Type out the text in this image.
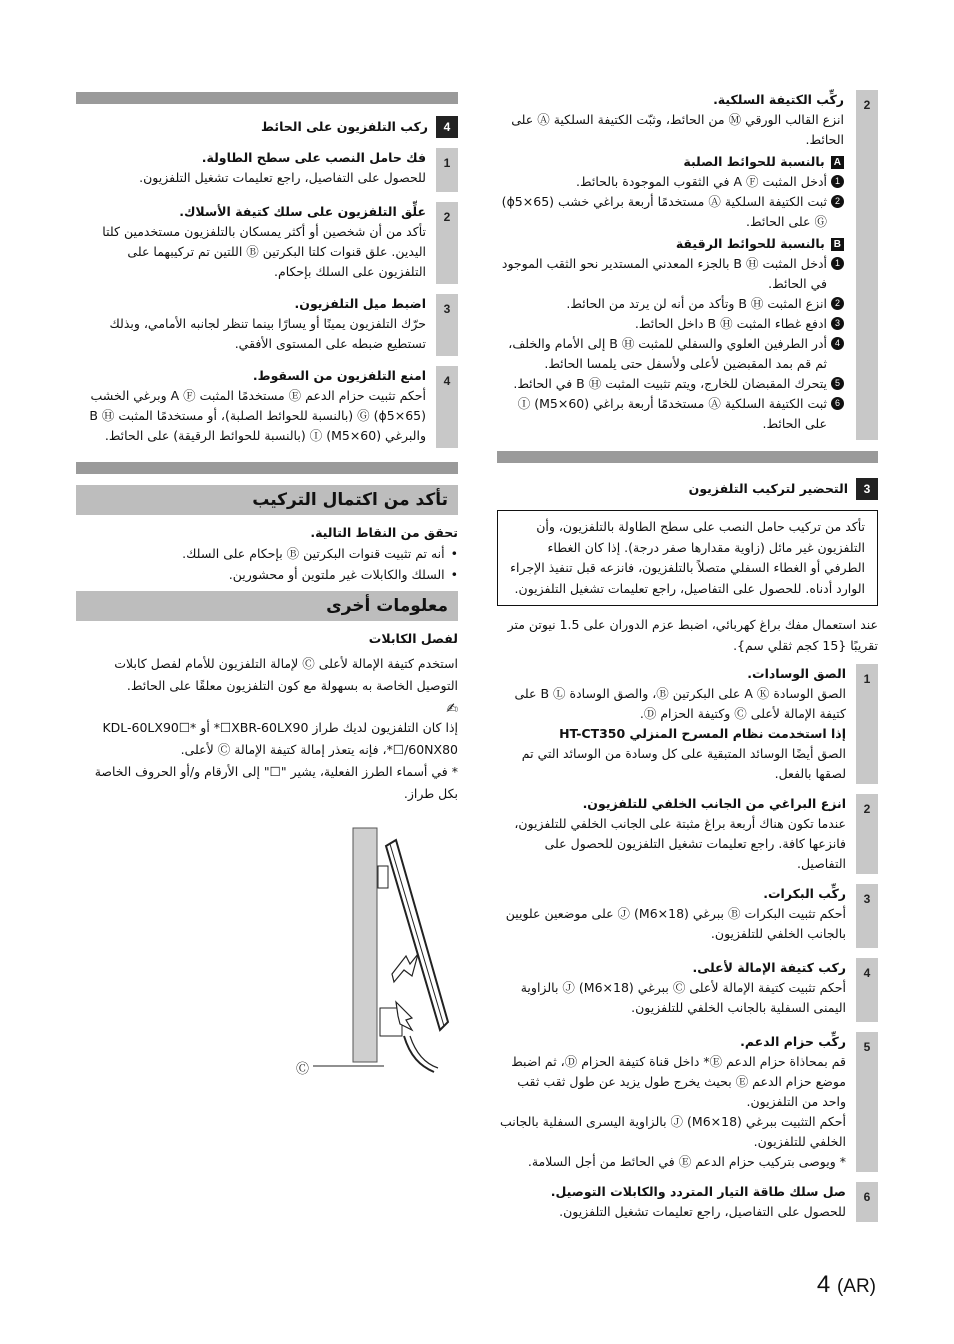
2
ركِّب الكتيفة السلكية.
انزع القالب الورقي Ⓜ من الحائط، وثبّت الكتيفة السلكية Ⓐ على الحائط.
A
بالنسبة للحوائط الصلبة
1
أدخل المثبت A Ⓕ في الثقوب الموجودة بالحائط.
2
ثبت الكتيفة السلكية Ⓐ مستخدمًا أربعة براغي خشب (ϕ5×65) Ⓖ على الحائط.
B
بالنسبة للحوائط الرقيقة
1
أدخل المثبت B Ⓗ بالجزء المعدني المستدير نحو الثقب الموجود في الحائط.
2
انزع المثبت B Ⓗ وتأكد من أنه لن يرتد من الحائط.
3
ادفع غطاء المثبت B Ⓗ داخل الحائط.
4
أدر الطرفين العلوي والسفلي للمثبت B Ⓗ إلى الأمام والخلف، ثم قم بمد المقبضين لأعلى ولأسفل حتى يلمسا الحائط.
5
يتحرك المقبضان للخارج، ويتم تثبيت المثبت B Ⓗ في الحائط.
6
ثبت الكتيفة السلكية Ⓐ مستخدمًا أربعة براغي (M5×60) Ⓘ على الحائط.
3
التحضير لتركيب التلفزيون
تأكد من تركيب حامل النصب على سطح الطاولة بالتلفزيون، وأن التلفزيون غير مائل (زاوية مقدارها صفر درجة). إذا كان الغطاء الطرفي أو الغطاء السفلي متصلاً بالتلفزيون، فانزعه قبل تنفيذ الإجراء الوارد أدناه. للحصول على التفاصيل، راجع تعليمات تشغيل التلفزيون.
عند استعمال مفك براغ كهربائي، اضبط عزم الدوران على 1.5 نيوتن متر تقريبًا {15 كجم ثقلي سم}.
1
الصق الوسادات.
الصق الوسادة A Ⓚ على البكرتين Ⓑ، والصق الوسادة B Ⓛ على كتيفة الإمالة لأعلى Ⓒ وكتيفة الحزام Ⓓ.
إذا استخدمت نظام المسرح المنزلي HT-CT350
الصق أيضًا الوسائد المتبقية على كل وسادة من الوسائد التي تم لصقها بالفعل.
2
انزع البراغي من الجانب الخلفي للتلفزيون.
عندما تكون هناك أربعة براغ مثبتة على الجانب الخلفي للتلفزيون، فانزعها كافة. راجع تعليمات تشغيل التلفزيون للحصول على التفاصيل.
3
ركِّب البكرات.
أحكم تثبيت البكرات Ⓑ ببرغي (M6×18) Ⓙ على موضعين علويين بالجانب الخلفي للتلفزيون.
4
ركب كتيفة الإمالة لأعلى.
أحكم تثبيت كتيفة الإمالة لأعلى Ⓒ ببرغي (M6×18) Ⓙ بالزاوية اليمنى السفلية بالجانب الخلفي للتلفزيون.
5
ركِّب حزام الدعم.
قم بمحاذاة حزام الدعم Ⓔ* داخل قناة كتيفة الحزام Ⓓ، ثم اضبط موضع حزام الدعم Ⓔ بحيث يخرج طول يزيد عن طول ثقب ثقب واحد من التلفزيون.
أحكم التثبيت ببرغي (M6×18) Ⓙ بالزاوية اليسرى السفلية بالجانب الخلفي للتلفزيون.
* ويوصى بتركيب حزام الدعم Ⓔ في الحائط من أجل السلامة.
6
صل سلك طاقة التيار المتردد والكابلات التوصيل.
للحصول على التفاصيل، راجع تعليمات تشغيل التلفزيون.
4
ركب التلفزيون على الحائط
1
فك حامل النصب على سطح الطاولة.
للحصول على التفاصيل، راجع تعليمات تشغيل التلفزيون.
2
علِّق التلفزيون على سلك كتيفة الأسلاك.
تأكد من أن شخصين أو أكثر يمسكان بالتلفزيون مستخدمين كلتا اليدين. علق قنوات كلتا البكرتين Ⓑ اللتين تم تركيبهما على التلفزيون على السلك بإحكام.
3
اضبط ميل التلفزيون.
حرّك التلفزيون يمينًا أو يسارًا بينما تنظر لجانبه الأمامي، وبذلك تستطيع ضبطه على المستوى الأفقي.
4
امنع التلفزيون من السقوط.
أحكم تثبيت حزام الدعم Ⓔ مستخدمًا المثبت A Ⓕ وبرغي الخشب (ϕ5×65) Ⓖ (بالنسبة للحوائط الصلبة)، أو مستخدمًا المثبت B Ⓗ والبرغي (M5×60) Ⓘ (بالنسبة للحوائط الرقيقة) على الحائط.
تأكد من اكتمال التركيب
تحقق من النقاط التالية.
•
أنه تم تثبيت قنوات البكرتين Ⓑ بإحكام على السلك.
•
السلك والكابلات غير ملتوين أو محشورين.
معلومات أخرى
لفصل الكابلات
استخدم كتيفة الإمالة لأعلى Ⓒ لإمالة التلفزيون للأمام لفصل كابلات التوصيل الخاصة به بسهولة مع كون التلفزيون معلقًا على الحائط.
✍
إذا كان التلفزيون لديك طراز XBR-60LX90☐* أو KDL-60LX90☐* /60NX80☐*، فإنه يتعذر إمالة كتيفة الإمالة Ⓒ لأعلى.
* في أسماء الطرز الفعلية، يشير "☐" إلى الأرقام و/أو الحروف الخاصة بكل طراز.
Ⓒ
4 (AR)
